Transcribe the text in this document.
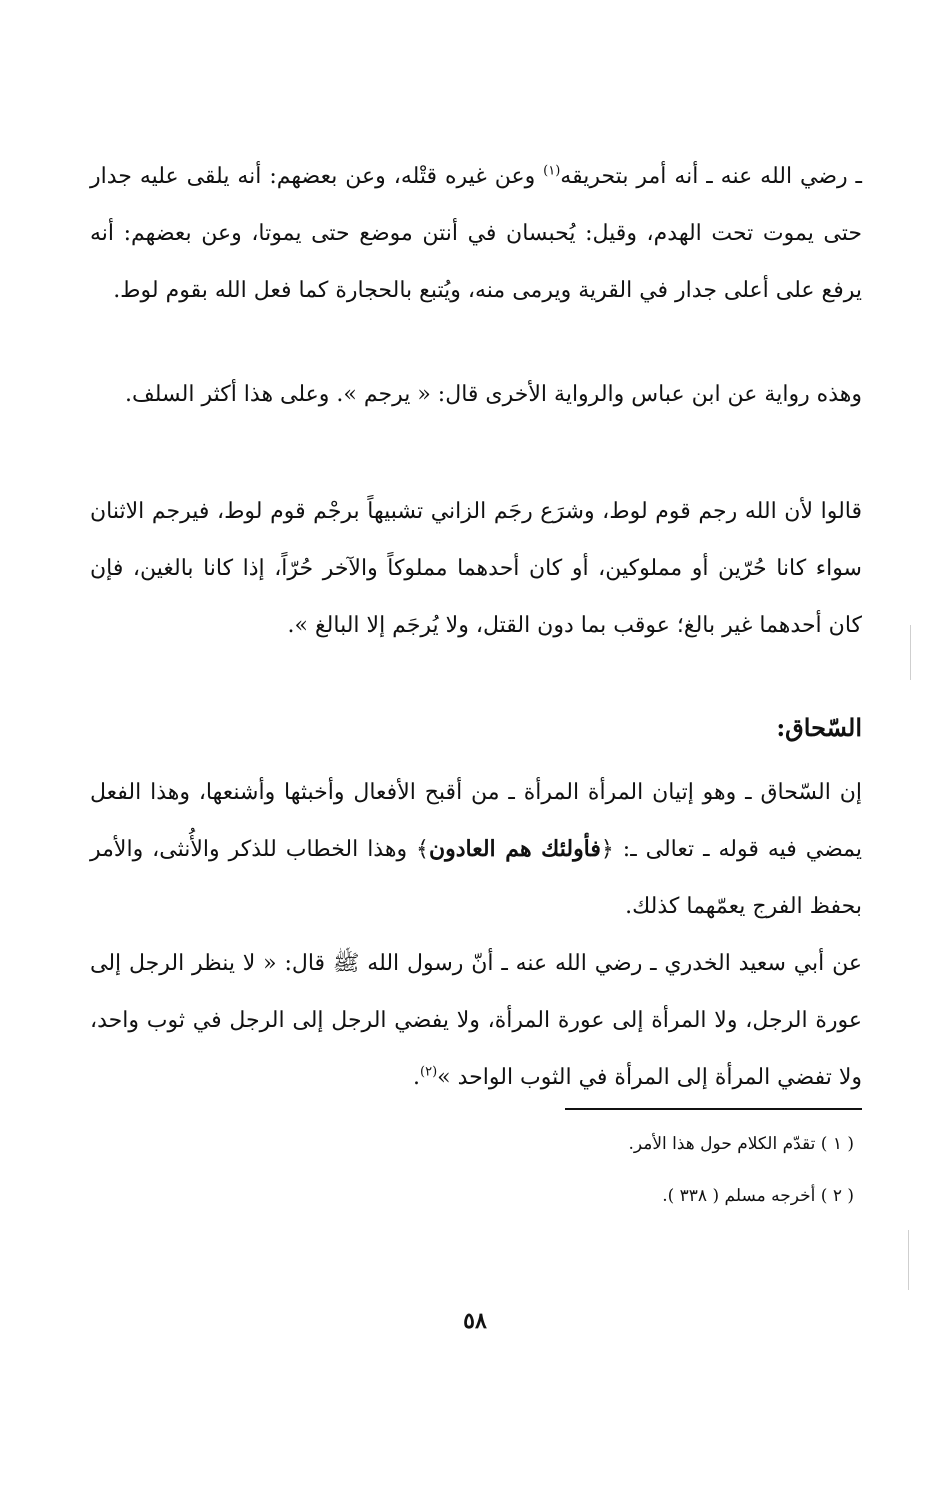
ـ رضي الله عنه ـ أنه أمر بتحريقه$^{(١)}$ وعن غيره قتْله، وعن بعضهم: أنه يلقى عليه جدار حتى يموت تحت الهدم، وقيل: يُحبسان في أنتن موضع حتى يموتا، وعن بعضهم: أنه يرفع على أعلى جدار في القرية ويرمى منه، ويُتبع بالحجارة كما فعل الله بقوم لوط.

وهذه رواية عن ابن عباس والرواية الأخرى قال: « يرجم ». وعلى هذا أكثر السلف.

قالوا لأن الله رجم قوم لوط، وشرَع رجَم الزاني تشبيهاً برجْم قوم لوط، فيرجم الاثنان سواء كانا حُرّين أو مملوكين، أو كان أحدهما مملوكاً والآخر حُرّاً، إذا كانا بالغين، فإن كان أحدهما غير بالغ؛ عوقب بما دون القتل، ولا يُرجَم إلا البالغ ».

السّحاق:

إن السّحاق ـ وهو إتيان المرأة المرأة ـ من أقبح الأفعال وأخبثها وأشنعها، وهذا الفعل يمضي فيه قوله ـ تعالى ـ: ﴿فأولئك هم العادون﴾ وهذا الخطاب للذكر والأُنثى، والأمر بحفظ الفرج يعمّهما كذلك.

عن أبي سعيد الخدري ـ رضي الله عنه ـ أنّ رسول الله ﷺ قال: « لا ينظر الرجل إلى عورة الرجل، ولا المرأة إلى عورة المرأة، ولا يفضي الرجل إلى الرجل في ثوب واحد، ولا تفضي المرأة إلى المرأة في الثوب الواحد »$^{(٢)}$.

( ١ ) تقدّم الكلام حول هذا الأمر.

( ٢ ) أخرجه مسلم ( ٣٣٨ ).

٥٨
